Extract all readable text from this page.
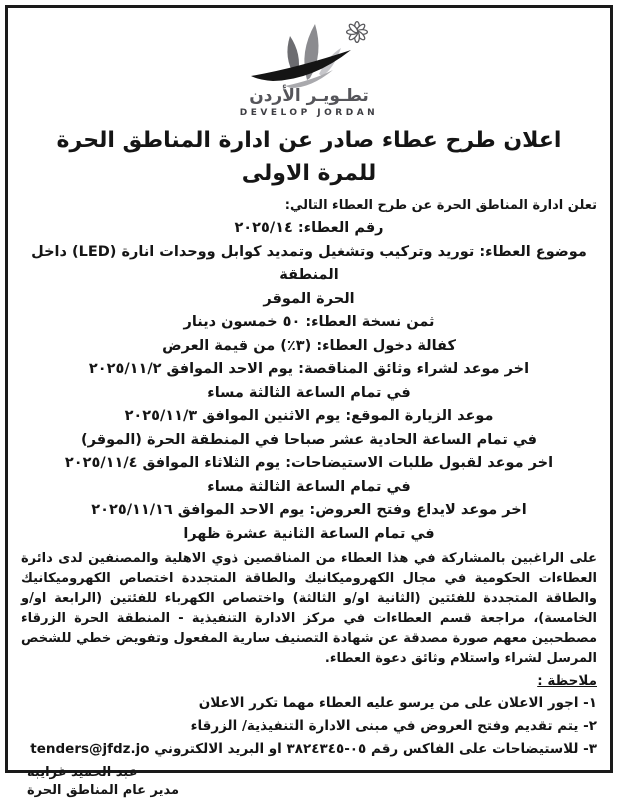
تطـويـر الأردن
DEVELOP JORDAN
اعلان طرح عطاء صادر عن ادارة المناطق الحرة
للمرة الاولى
تعلن ادارة المناطق الحرة عن طرح العطاء التالي:
رقم العطاء: ٢٠٢٥/١٤
موضوع العطاء: توريد وتركيب وتشغيل وتمديد كوابل ووحدات انارة (LED) داخل المنطقة
الحرة الموقر
ثمن نسخة العطاء: ٥٠ خمسون دينار
كفالة دخول العطاء: (٣٪) من قيمة العرض
اخر موعد لشراء وثائق المناقصة: يوم الاحد الموافق ٢٠٢٥/١١/٢
في تمام الساعة الثالثة مساء
موعد الزيارة الموقع: يوم الاثنين الموافق ٢٠٢٥/١١/٣
في تمام الساعة الحادية عشر صباحا في المنطقة الحرة (الموقر)
اخر موعد لقبول طلبات الاستيضاحات: يوم الثلاثاء الموافق ٢٠٢٥/١١/٤
في تمام الساعة الثالثة مساء
اخر موعد لايداع وفتح العروض: يوم الاحد الموافق ٢٠٢٥/١١/١٦
في تمام الساعة الثانية عشرة ظهرا
على الراغبين بالمشاركة في هذا العطاء من المناقصين ذوي الاهلية والمصنفين لدى دائرة العطاءات الحكومية في مجال الكهروميكانيك والطاقة المتجددة اختصاص الكهروميكانيك والطاقة المتجددة للفئتين (الثانية او/و الثالثة) واختصاص الكهرباء للفئتين (الرابعة او/و الخامسة)، مراجعة قسم العطاءات في مركز الادارة التنفيذية - المنطقة الحرة الزرقاء مصطحبين معهم صورة مصدقة عن شهادة التصنيف سارية المفعول وتفويض خطي للشخص المرسل لشراء واستلام وثائق دعوة العطاء.
ملاحظة :
١- اجور الاعلان على من يرسو عليه العطاء مهما تكرر الاعلان
٢- يتم تقديم وفتح العروض في مبنى الادارة التنفيذية/ الزرقاء
٣- للاستيضاحات على الفاكس رقم ٠٥-٣٨٢٤٣٤٥ او البريد الالكتروني tenders@jfdz.jo
عبد الحميد غرايبه
مدير عام المناطق الحرة
